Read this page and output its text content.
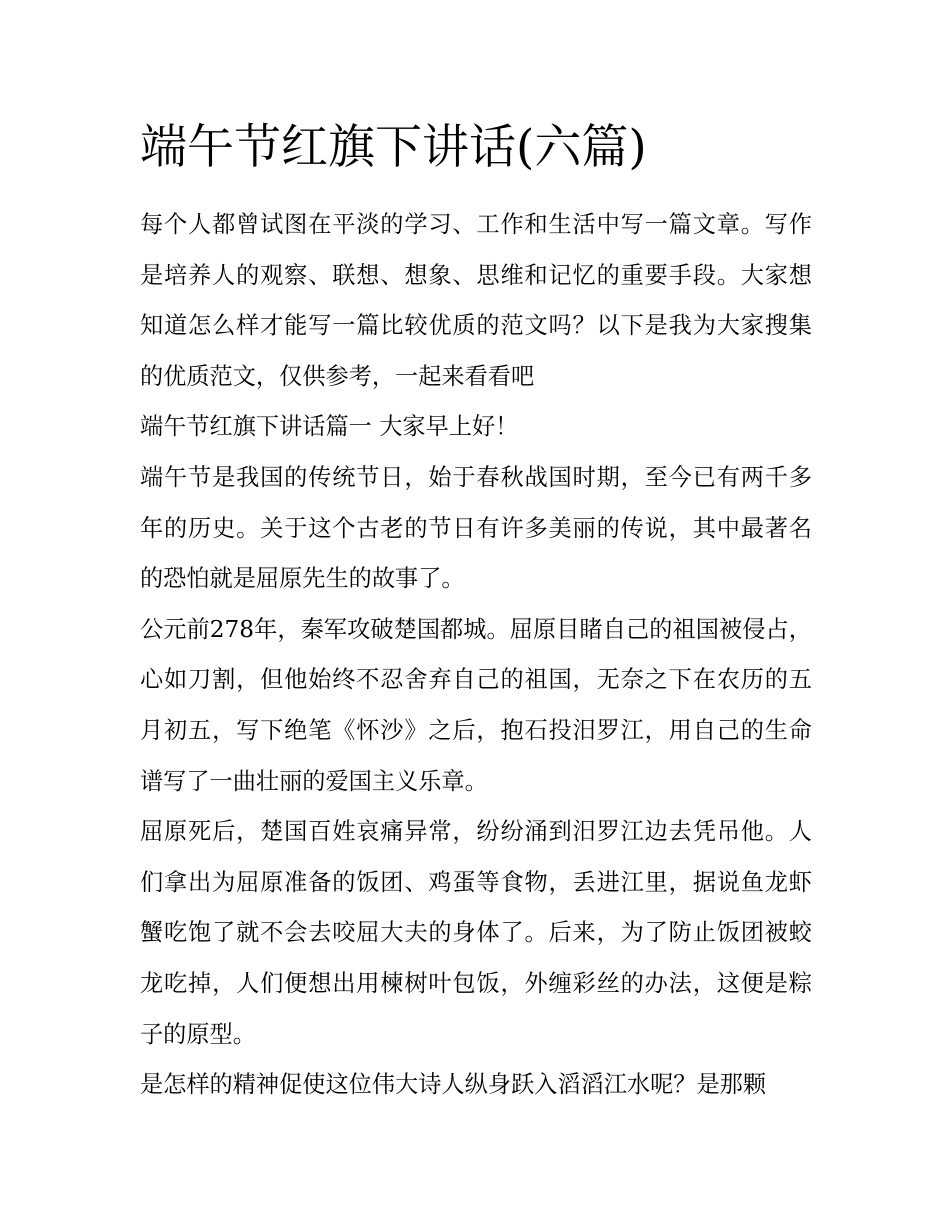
端午节红旗下讲话(六篇)

每个人都曾试图在平淡的学习、工作和生活中写一篇文章。写作是培养人的观察、联想、想象、思维和记忆的重要手段。大家想知道怎么样才能写一篇比较优质的范文吗？以下是我为大家搜集的优质范文，仅供参考，一起来看看吧

端午节红旗下讲话篇一 大家早上好！

端午节是我国的传统节日，始于春秋战国时期，至今已有两千多年的历史。关于这个古老的节日有许多美丽的传说，其中最著名的恐怕就是屈原先生的故事了。

公元前278年，秦军攻破楚国都城。屈原目睹自己的祖国被侵占，心如刀割，但他始终不忍舍弃自己的祖国，无奈之下在农历的五月初五，写下绝笔《怀沙》之后，抱石投汨罗江，用自己的生命谱写了一曲壮丽的爱国主义乐章。

屈原死后，楚国百姓哀痛异常，纷纷涌到汨罗江边去凭吊他。人们拿出为屈原准备的饭团、鸡蛋等食物，丢进江里，据说鱼龙虾蟹吃饱了就不会去咬屈大夫的身体了。后来，为了防止饭团被蛟龙吃掉，人们便想出用楝树叶包饭，外缠彩丝的办法，这便是粽子的原型。

是怎样的精神促使这位伟大诗人纵身跃入滔滔江水呢？是那颗
